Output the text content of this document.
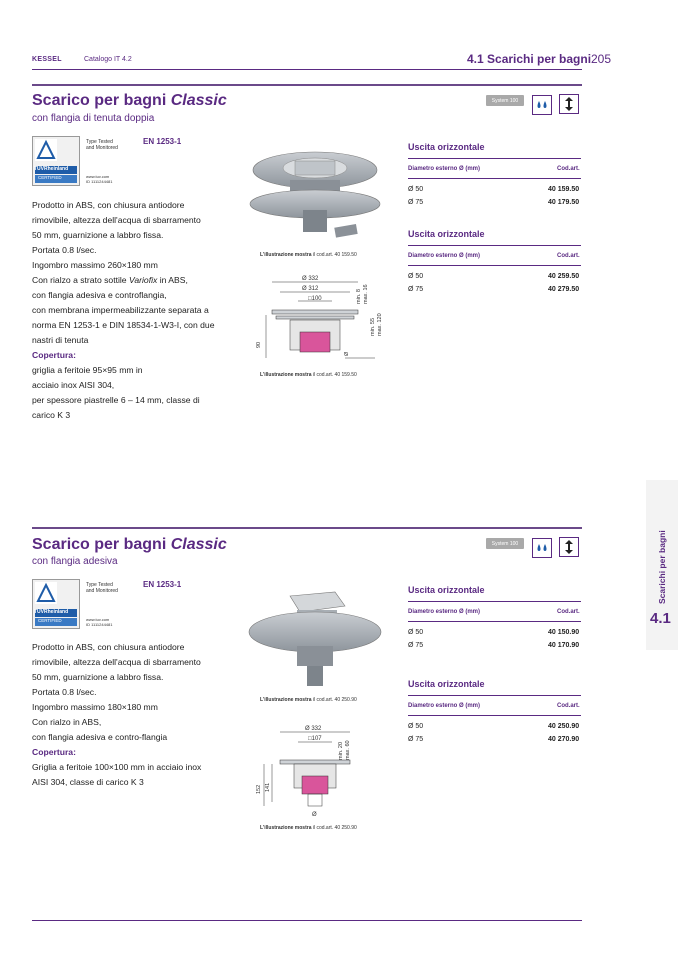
KESSEL	Catalogo IT 4.2	4.1 Scarichi per bagni 205
Scarichi per bagni
4.1
Scarico per bagni Classic
con flangia di tenuta doppia
System 100
Type Tested
and Monitored
TÜVRheinland
CERTIFIED	www.tuv.com
ID 1111244481
EN 1253-1
Prodotto in ABS, con chiusura antiodore
rimovibile, altezza dell'acqua di sbarramento
50 mm, guarnizione a labbro fissa.
Portata 0.8 l/sec.
Ingombro massimo 260×180 mm
Con rialzo a strato sottile Variofix in ABS,
con flangia adesiva e controflangia,
con membrana impermeabilizzante separata a
norma EN 1253-1 e DIN 18534-1-W3-I, con due
nastri di tenuta
Copertura:
griglia a feritoie 95×95 mm in
acciaio inox AISI 304,
per spessore piastrelle 6 – 14 mm, classe di
carico K 3
L'illustrazione mostra il cod.art. 40 159.50
Ø 332
Ø 312
□100
90
min. 8 max. 16
min. 55 max. 120
Ø
L'illustrazione mostra il cod.art. 40 159.50
Uscita orizzontale
Diametro esterno Ø (mm)	Cod.art.
Ø 50	40 159.50
Ø 75	40 179.50
Uscita orizzontale
Diametro esterno Ø (mm)	Cod.art.
Ø 50	40 259.50
Ø 75	40 279.50
Scarico per bagni Classic
con flangia adesiva
System 100
Type Tested
and Monitored
TÜVRheinland
CERTIFIED	www.tuv.com
ID 1111244481
EN 1253-1
Prodotto in ABS, con chiusura antiodore
rimovibile, altezza dell'acqua di sbarramento
50 mm, guarnizione a labbro fissa.
Portata 0.8 l/sec.
Ingombro massimo 180×180 mm
Con rialzo in ABS,
con flangia adesiva e contro-flangia
Copertura:
Griglia a feritoie 100×100 mm in acciaio inox
AISI 304, classe di carico K 3
L'illustrazione mostra il cod.art. 40 250.90
Ø 332
□107
152 141
min. 20 max. 60
Ø
L'illustrazione mostra il cod.art. 40 250.90
Uscita orizzontale
Diametro esterno Ø (mm)	Cod.art.
Ø 50	40 150.90
Ø 75	40 170.90
Uscita orizzontale
Diametro esterno Ø (mm)	Cod.art.
Ø 50	40 250.90
Ø 75	40 270.90
